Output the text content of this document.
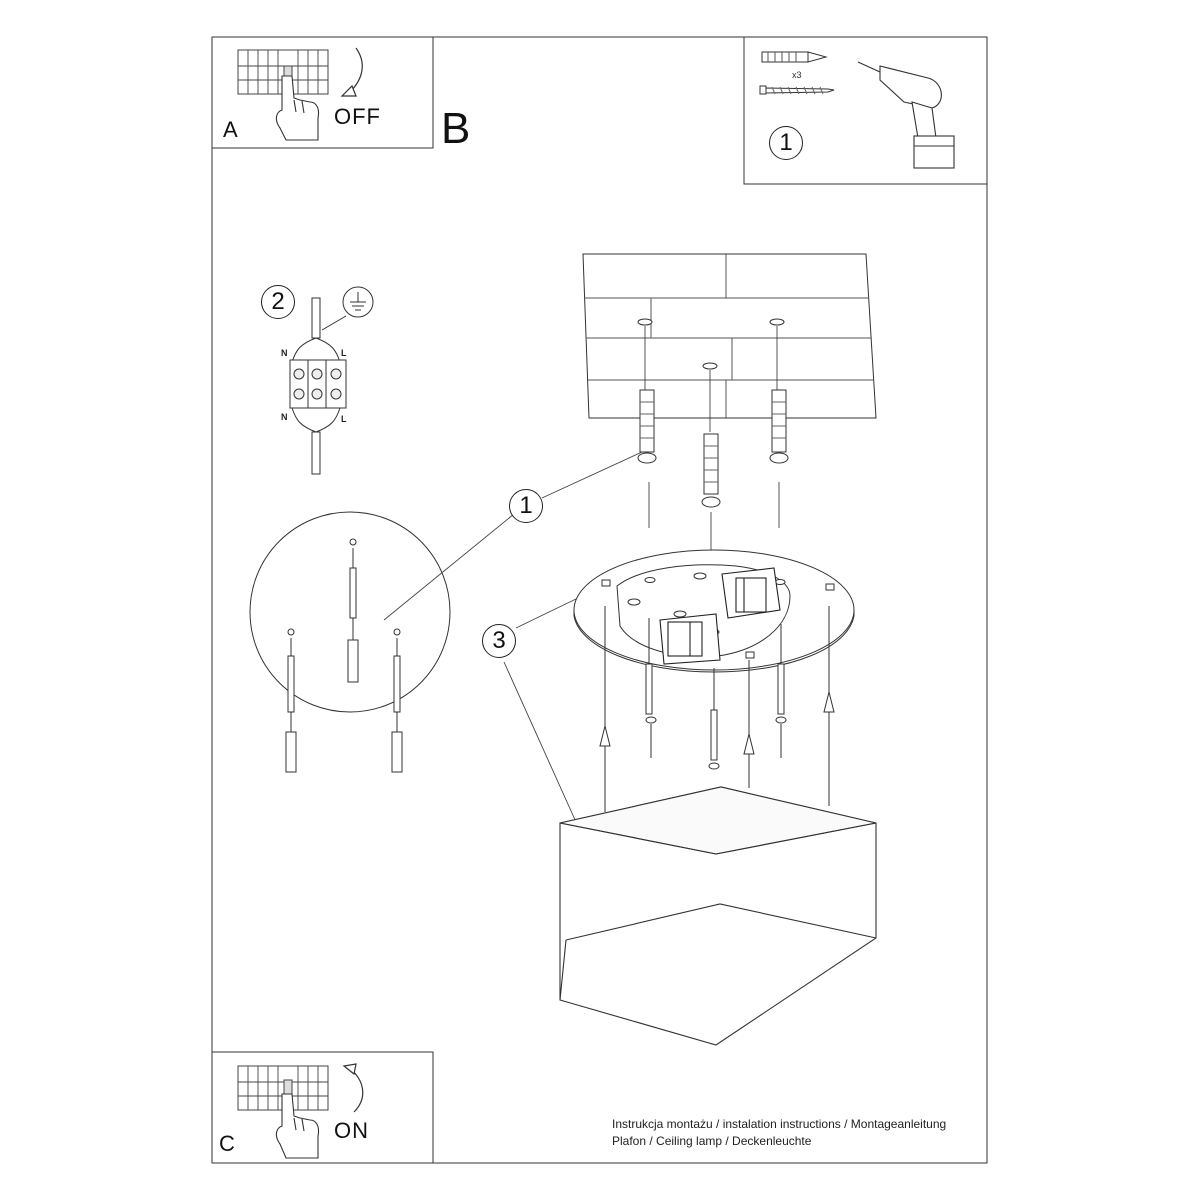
A
OFF B
C
ON
x3
1
2
1
3
N	L
N	L
Instrukcja montażu / instalation instructions / Montageanleitung
Plafon / Ceiling lamp / Deckenleuchte
